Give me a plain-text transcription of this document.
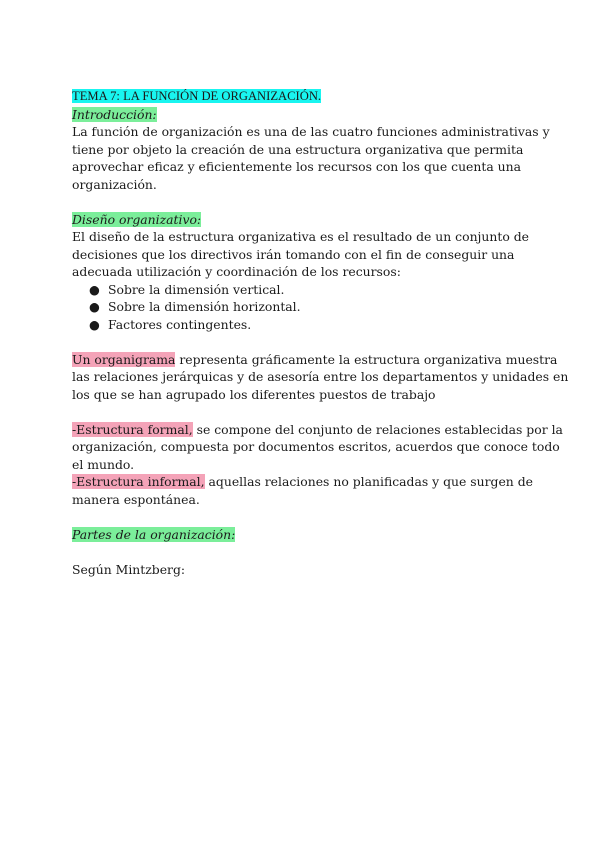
TEMA 7: LA FUNCIÓN DE ORGANIZACIÓN.
Introducción:
La función de organización es una de las cuatro funciones administrativas y
tiene por objeto la creación de una estructura organizativa que permita
aprovechar eficaz y eficientemente los recursos con los que cuenta una
organización.
Diseño organizativo:
El diseño de la estructura organizativa es el resultado de un conjunto de
decisiones que los directivos irán tomando con el fin de conseguir una
adecuada utilización y coordinación de los recursos:
● Sobre la dimensión vertical.
● Sobre la dimensión horizontal.
● Factores contingentes.
Un organigrama representa gráficamente la estructura organizativa muestra
las relaciones jerárquicas y de asesoría entre los departamentos y unidades en
los que se han agrupado los diferentes puestos de trabajo
-Estructura formal, se compone del conjunto de relaciones establecidas por la
organización, compuesta por documentos escritos, acuerdos que conoce todo
el mundo.
-Estructura informal, aquellas relaciones no planificadas y que surgen de
manera espontánea.
Partes de la organización:
Según Mintzberg:
